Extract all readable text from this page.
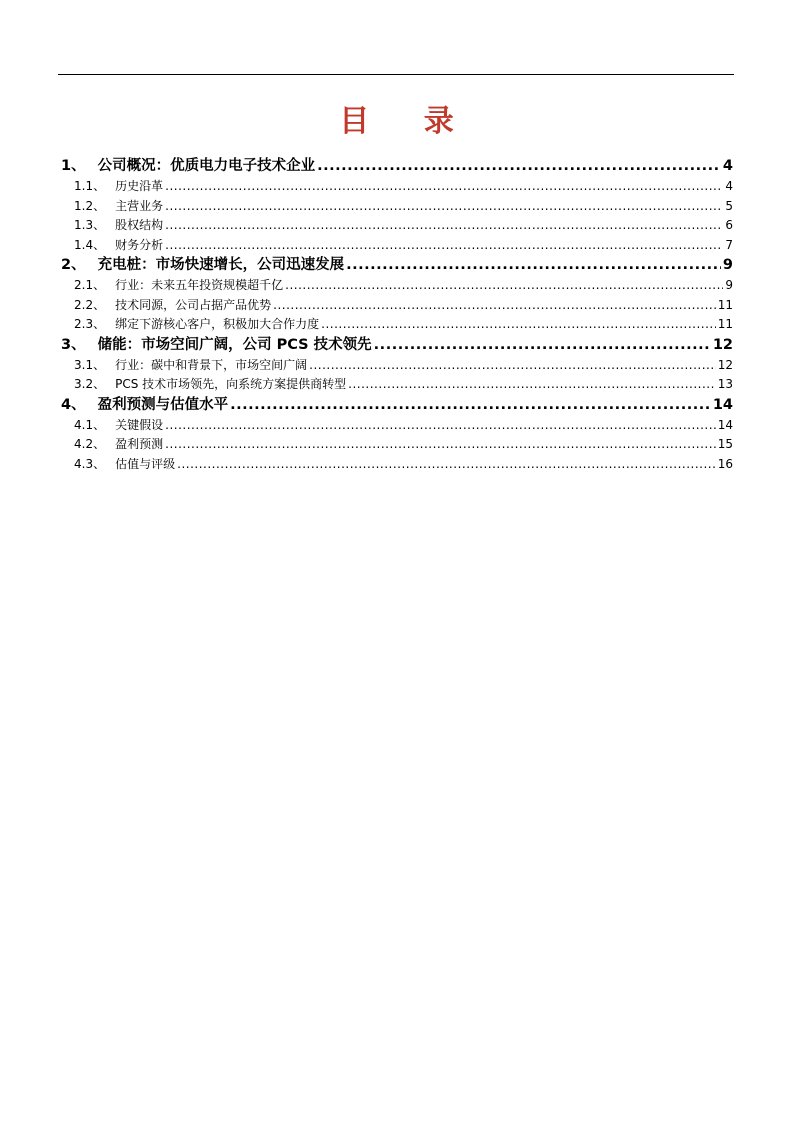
目 录
1 、 公司概况：优质电力电子技术企业 .....	4
1.1 、 历史沿革 .....	4
1.2 、 主营业务 .....	5
1.3 、 股权结构 .....	6
1.4 、 财务分析 .....	7
2 、 充电桩：市场快速增长，公司迅速发展 .....	9
2.1 、 行业：未来五年投资规模超千亿 .....	9
2.2 、 技术同源，公司占据产品优势 .....	11
2.3 、 绑定下游核心客户，积极加大合作力度 .....	11
3 、 储能：市场空间广阔，公司 PCS 技术领先 .....	12
3.1 、 行业：碳中和背景下，市场空间广阔 .....	12
3.2 、 PCS 技术市场领先，向系统方案提供商转型 .....	13
4 、 盈利预测与估值水平 .....	14
4.1 、 关键假设 .....	14
4.2 、 盈利预测 .....	15
4.3 、 估值与评级 .....	16
